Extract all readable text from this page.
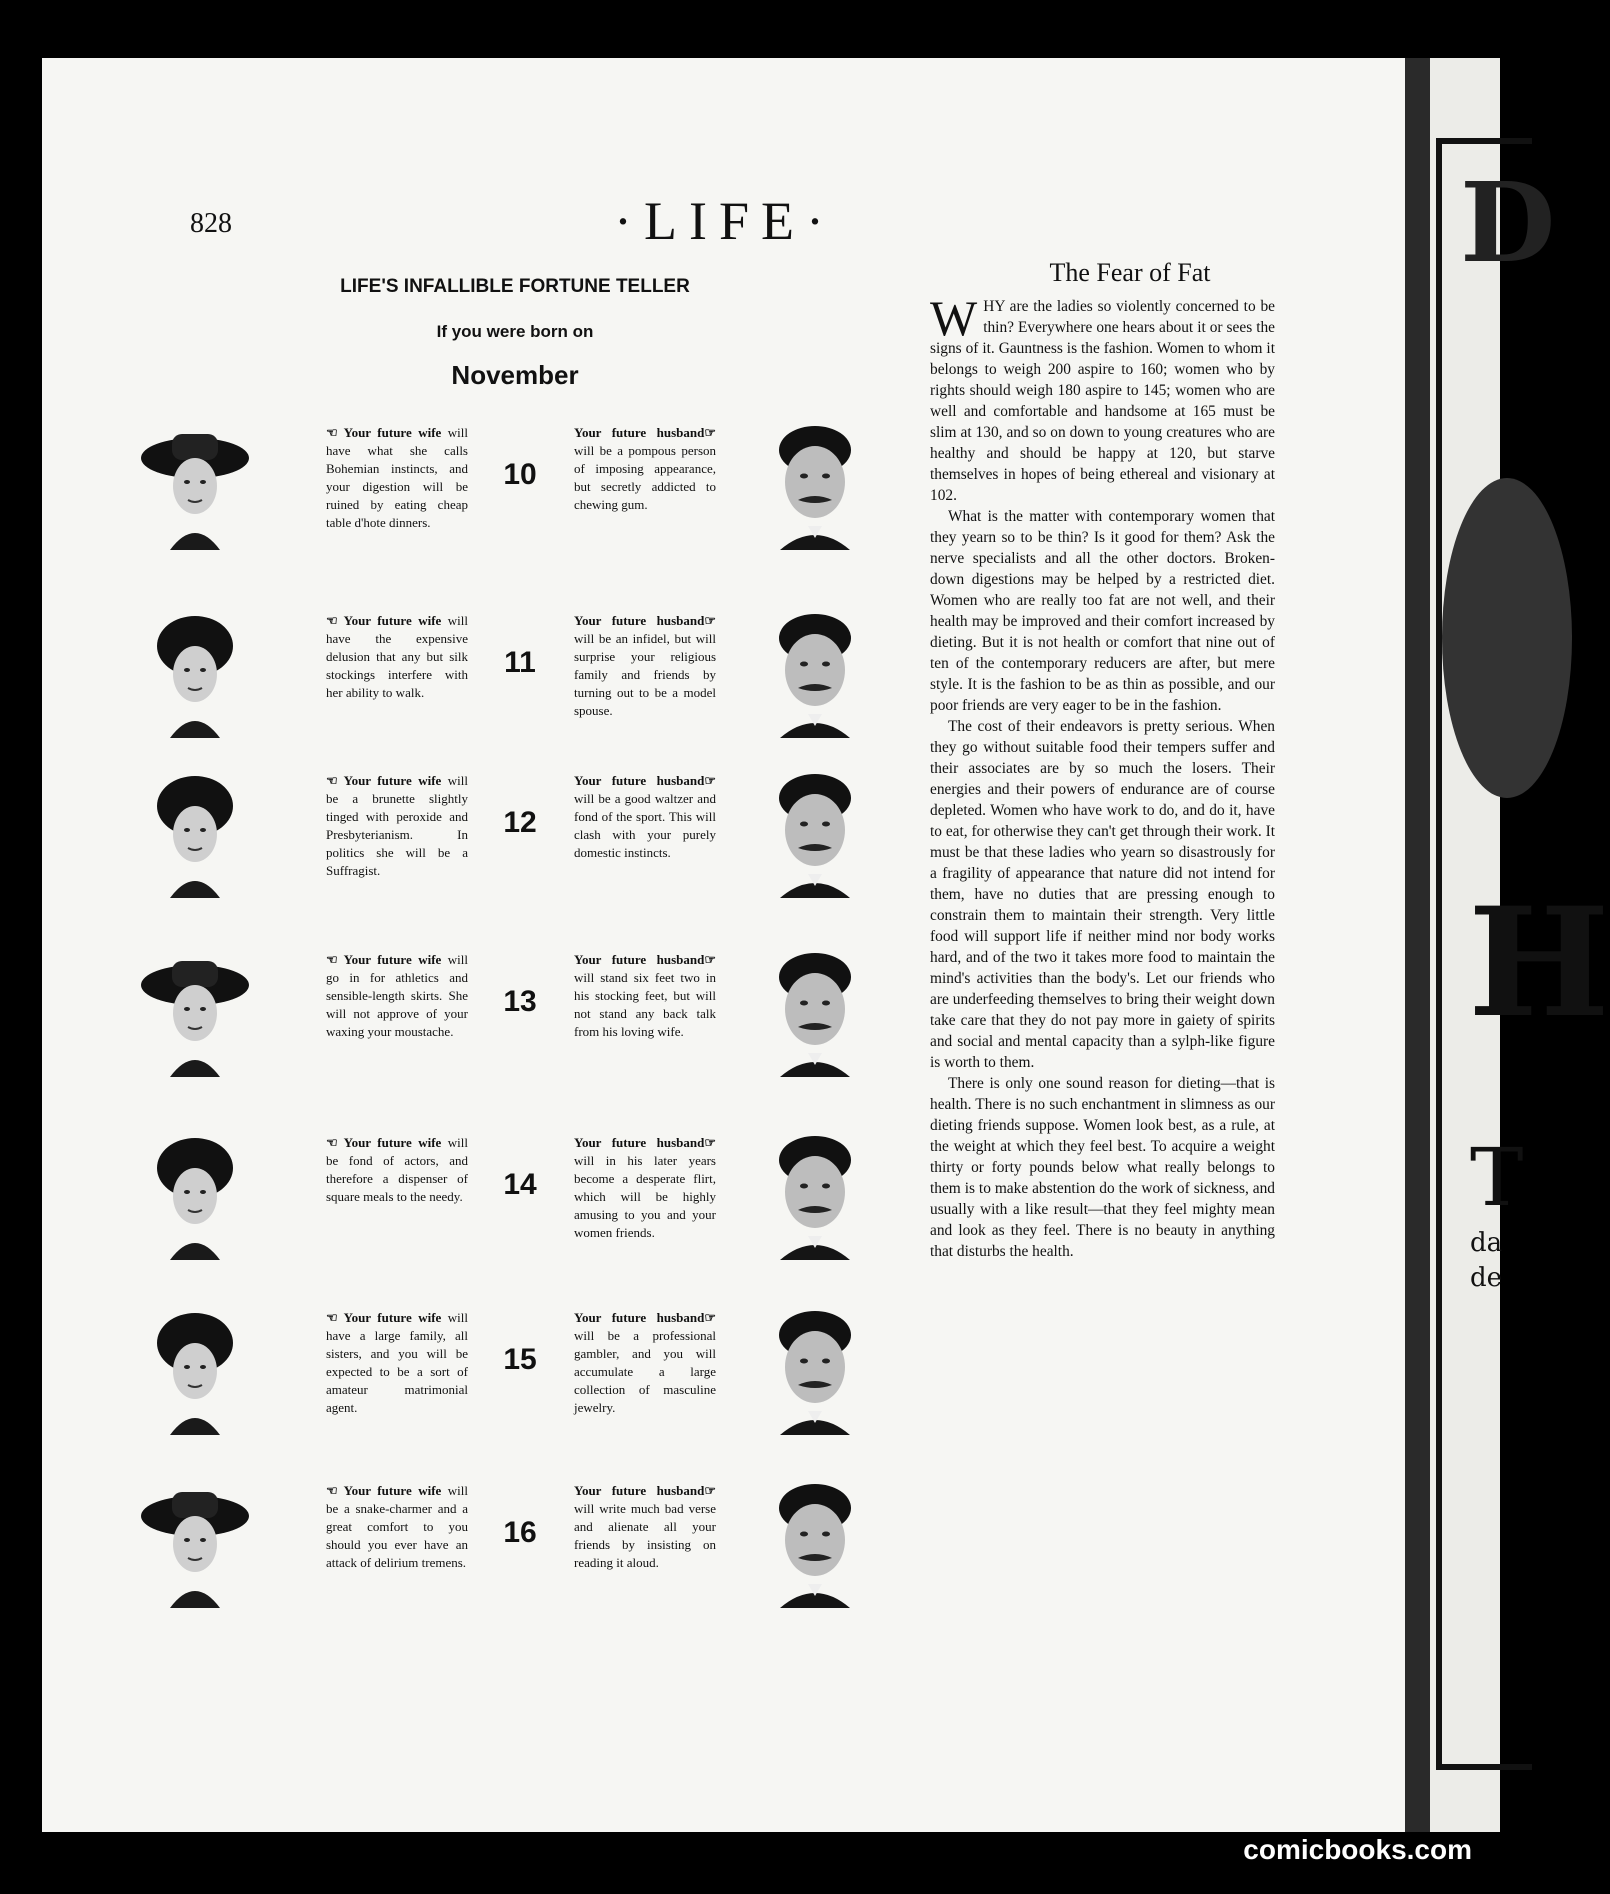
D
H
T
da
de
828	·LIFE·
LIFE'S INFALLIBLE FORTUNE TELLER
If you were born on
November
☜ Your future wife will have what she calls Bohemian instincts, and your digestion will be ruined by eating cheap table d'hote dinners.
10
Your future husband☞ will be a pompous person of imposing appearance, but secretly addicted to chewing gum.
☜ Your future wife will have the expensive delusion that any but silk stockings interfere with her ability to walk.
11
Your future husband☞ will be an infidel, but will surprise your religious family and friends by turning out to be a model spouse.
☜ Your future wife will be a brunette slightly tinged with peroxide and Presbyterianism. In politics she will be a Suffragist.
12
Your future husband☞ will be a good waltzer and fond of the sport. This will clash with your purely domestic instincts.
☜ Your future wife will go in for athletics and sensible-length skirts. She will not approve of your waxing your moustache.
13
Your future husband☞ will stand six feet two in his stocking feet, but will not stand any back talk from his loving wife.
☜ Your future wife will be fond of actors, and therefore a dispenser of square meals to the needy.	14
Your future husband☞ will in his later years become a desperate flirt, which will be highly amusing to you and your women friends.
☜ Your future wife will have a large family, all sisters, and you will be expected to be a sort of amateur matrimonial agent.
15
Your future husband☞ will be a professional gambler, and you will accumulate a large collection of masculine jewelry.
☜ Your future wife will be a snake-charmer and a great comfort to you should you ever have an attack of delirium tremens.
16
Your future husband☞ will write much bad verse and alienate all your friends by insisting on reading it aloud.
The Fear of Fat

WHY are the ladies so violently concerned to be thin? Everywhere one hears about it or sees the signs of it. Gauntness is the fashion. Women to whom it belongs to weigh 200 aspire to 160; women who by rights should weigh 180 aspire to 145; women who are well and comfortable and handsome at 165 must be slim at 130, and so on down to young creatures who are healthy and should be happy at 120, but starve themselves in hopes of being ethereal and visionary at 102.

What is the matter with contemporary women that they yearn so to be thin? Is it good for them? Ask the nerve specialists and all the other doctors. Broken-down digestions may be helped by a restricted diet. Women who are really too fat are not well, and their health may be improved and their comfort increased by dieting. But it is not health or comfort that nine out of ten of the contemporary reducers are after, but mere style. It is the fashion to be as thin as possible, and our poor friends are very eager to be in the fashion.

The cost of their endeavors is pretty serious. When they go without suitable food their tempers suffer and their associates are by so much the losers. Their energies and their powers of endurance are of course depleted. Women who have work to do, and do it, have to eat, for otherwise they can't get through their work. It must be that these ladies who yearn so disastrously for a fragility of appearance that nature did not intend for them, have no duties that are pressing enough to constrain them to maintain their strength. Very little food will support life if neither mind nor body works hard, and of the two it takes more food to maintain the mind's activities than the body's. Let our friends who are underfeeding themselves to bring their weight down take care that they do not pay more in gaiety of spirits and social and mental capacity than a sylph-like figure is worth to them.

There is only one sound reason for dieting—that is health. There is no such enchantment in slimness as our dieting friends suppose. Women look best, as a rule, at the weight at which they feel best. To acquire a weight thirty or forty pounds below what really belongs to them is to make abstention do the work of sickness, and usually with a like result—that they feel mighty mean and look as they feel. There is no beauty in anything that disturbs the health.

comicbooks.com
